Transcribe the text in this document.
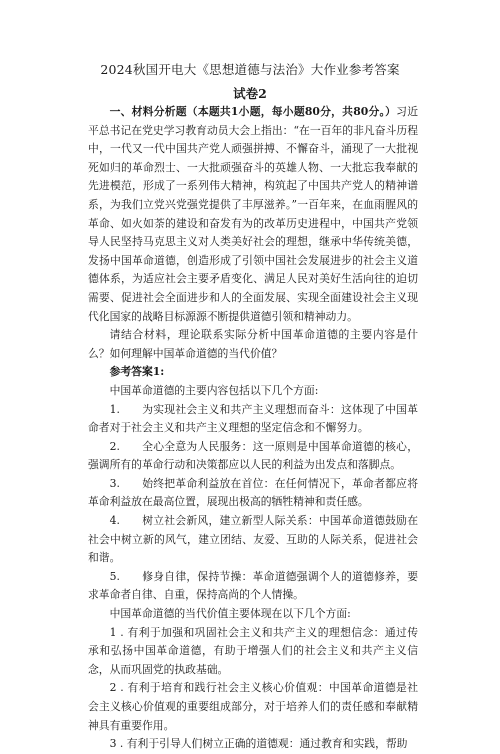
2024秋国开电大《思想道德与法治》大作业参考答案
试卷2

一、材料分析题（本题共1小题，每小题80分，共80分。）习近平总书记在党史学习教育动员大会上指出：“在一百年的非凡奋斗历程中，一代又一代中国共产党人顽强拼搏、不懈奋斗，涌现了一大批视死如归的革命烈士、一大批顽强奋斗的英雄人物、一大批忘我奉献的先进模范，形成了一系列伟大精神，构筑起了中国共产党人的精神谱系，为我们立党兴党强党提供了丰厚滋养。”一百年来，在血雨腥风的革命、如火如荼的建设和奋发有为的改革历史进程中，中国共产党领导人民坚持马克思主义对人类美好社会的理想，继承中华传统美德，发扬中国革命道德，创造形成了引领中国社会发展进步的社会主义道德体系，为适应社会主要矛盾变化、满足人民对美好生活向往的迫切需要、促进社会全面进步和人的全面发展、实现全面建设社会主义现代化国家的战略目标源源不断提供道德引领和精神动力。

请结合材料，理论联系实际分析中国革命道德的主要内容是什么？如何理解中国革命道德的当代价值？

参考答案1:

中国革命道德的主要内容包括以下几个方面:

1.　　为实现社会主义和共产主义理想而奋斗：这体现了中国革命者对于社会主义和共产主义理想的坚定信念和不懈努力。

2.　　全心全意为人民服务：这一原则是中国革命道德的核心，强调所有的革命行动和决策都应以人民的利益为出发点和落脚点。

3.　　始终把革命利益放在首位：在任何情况下，革命者都应将革命利益放在最高位置，展现出极高的牺牲精神和责任感。

4.　　树立社会新风，建立新型人际关系：中国革命道德鼓励在社会中树立新的风气，建立团结、友爱、互助的人际关系，促进社会和谐。

5.　　修身自律，保持节操：革命道德强调个人的道德修养，要求革命者自律、自重，保持高尚的个人情操。

中国革命道德的当代价值主要体现在以下几个方面:

1 . 有利于加强和巩固社会主义和共产主义的理想信念：通过传承和弘扬中国革命道德，有助于增强人们的社会主义和共产主义信念，从而巩固党的执政基础。

2 . 有利于培育和践行社会主义核心价值观：中国革命道德是社会主义核心价值观的重要组成部分，对于培养人们的责任感和奉献精神具有重要作用。

3 . 有利于引导人们树立正确的道德观：通过教育和实践，帮助
